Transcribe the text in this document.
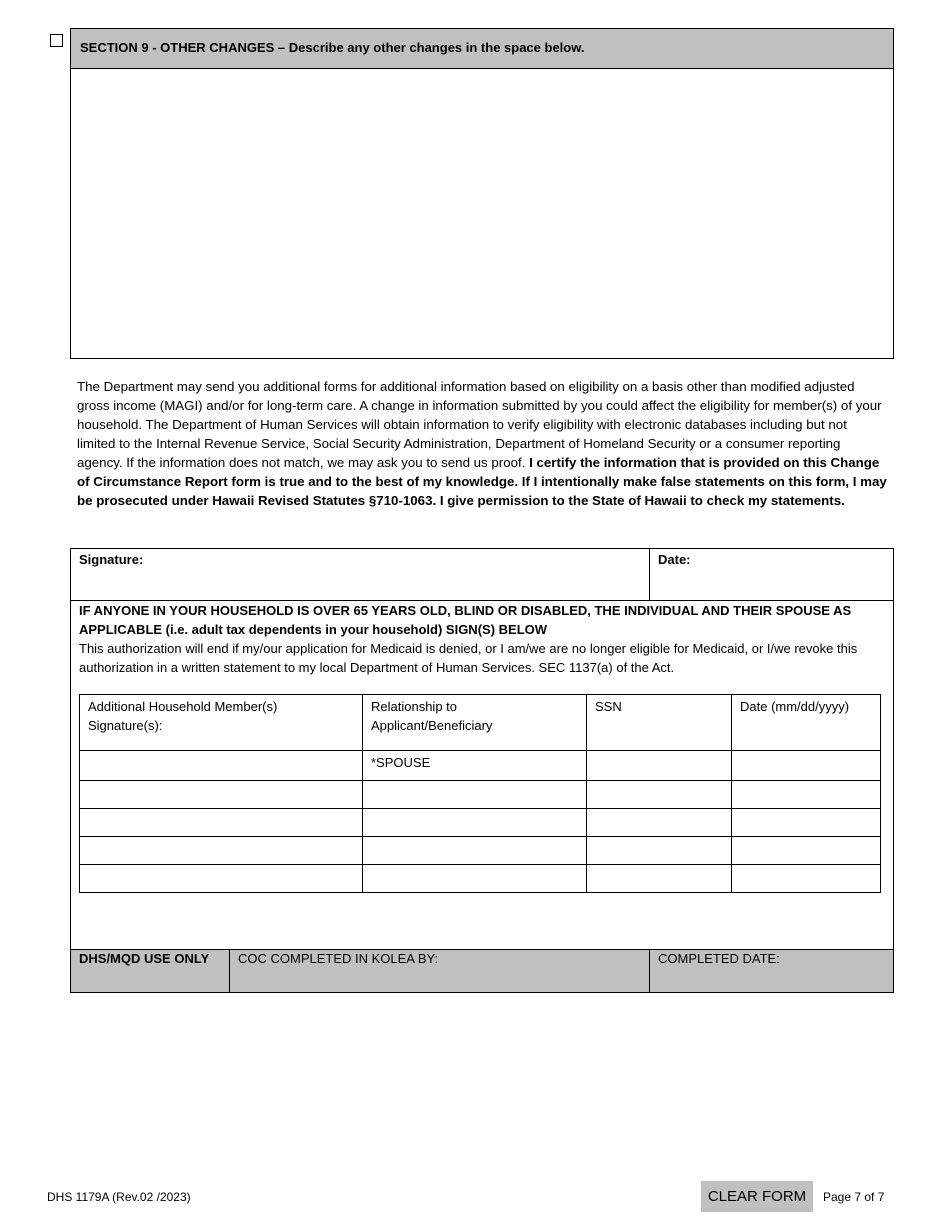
SECTION 9 - OTHER CHANGES – Describe any other changes in the space below.
The Department may send you additional forms for additional information based on eligibility on a basis other than modified adjusted gross income (MAGI) and/or for long-term care. A change in information submitted by you could affect the eligibility for member(s) of your household. The Department of Human Services will obtain information to verify eligibility with electronic databases including but not limited to the Internal Revenue Service, Social Security Administration, Department of Homeland Security or a consumer reporting agency. If the information does not match, we may ask you to send us proof. I certify the information that is provided on this Change of Circumstance Report form is true and to the best of my knowledge. If I intentionally make false statements on this form, I may be prosecuted under Hawaii Revised Statutes §710-1063. I give permission to the State of Hawaii to check my statements.
Signature:	Date:
IF ANYONE IN YOUR HOUSEHOLD IS OVER 65 YEARS OLD, BLIND OR DISABLED, THE INDIVIDUAL AND THEIR SPOUSE AS APPLICABLE (i.e. adult tax dependents in your household) SIGN(S) BELOW
This authorization will end if my/our application for Medicaid is denied, or I am/we are no longer eligible for Medicaid, or I/we revoke this authorization in a written statement to my local Department of Human Services. SEC 1137(a) of the Act.
Additional Household Member(s) Signature(s):	Relationship to Applicant/Beneficiary	SSN	Date (mm/dd/yyyy)
	*SPOUSE		

DHS/MQD USE ONLY	COC COMPLETED IN KOLEA BY:	COMPLETED DATE:
DHS 1179A (Rev.02 /2023)	CLEAR FORM	Page 7 of 7
